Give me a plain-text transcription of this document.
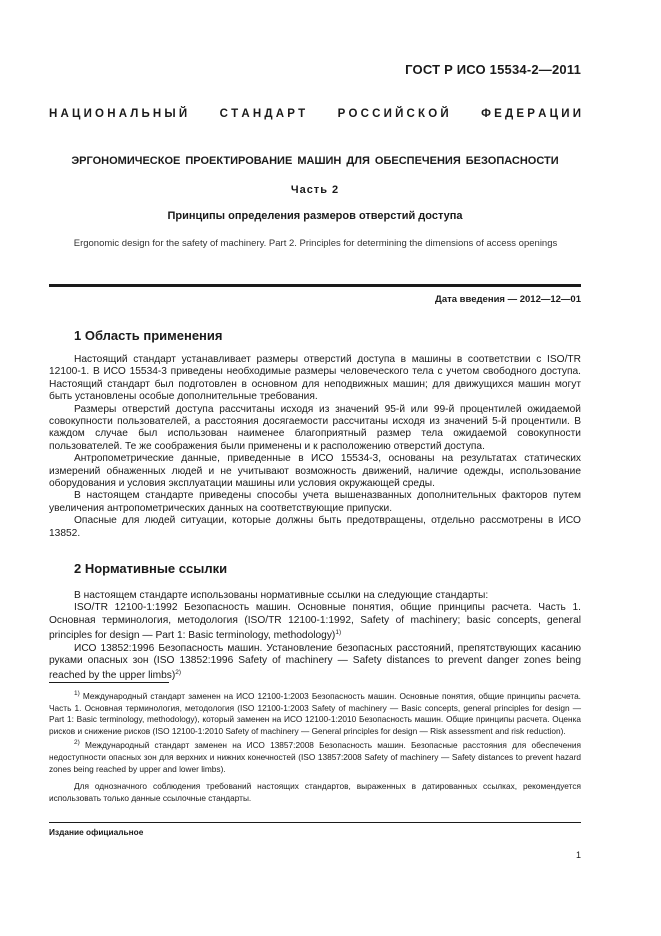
ГОСТ Р ИСО 15534-2—2011
Н А Ц И О Н А Л Ь Н Ы Й	С Т А Н Д А Р Т	Р О С С И Й С К О Й	Ф Е Д Е Р А Ц И И
ЭРГОНОМИЧЕСКОЕ ПРОЕКТИРОВАНИЕ МАШИН ДЛЯ ОБЕСПЕЧЕНИЯ БЕЗОПАСНОСТИ
Часть 2
Принципы определения размеров отверстий доступа
Ergonomic design for the safety of machinery. Part 2. Principles for determining the dimensions of access openings
Дата введения — 2012—12—01
1 Область применения

Настоящий стандарт устанавливает размеры отверстий доступа в машины в соответствии с ISO/TR 12100-1. В ИСО 15534-3 приведены необходимые размеры человеческого тела с учетом свободного доступа. Настоящий стандарт был подготовлен в основном для неподвижных машин; для движущихся машин могут быть установлены особые дополнительные требования.

Размеры отверстий доступа рассчитаны исходя из значений 95-й или 99-й процентилей ожидаемой совокупности пользователей, а расстояния досягаемости рассчитаны исходя из значений 5-й процентили. В каждом случае был использован наименее благоприятный размер тела ожидаемой совокупности пользователей. Те же соображения были применены и к расположению отверстий доступа.

Антропометрические данные, приведенные в ИСО 15534-3, основаны на результатах статических измерений обнаженных людей и не учитывают возможность движений, наличие одежды, использование оборудования и условия эксплуатации машины или условия окружающей среды.

В настоящем стандарте приведены способы учета вышеназванных дополнительных факторов путем увеличения антропометрических данных на соответствующие припуски.

Опасные для людей ситуации, которые должны быть предотвращены, отдельно рассмотрены в ИСО 13852.

2 Нормативные ссылки

В настоящем стандарте использованы нормативные ссылки на следующие стандарты:

ISO/TR 12100-1:1992 Безопасность машин. Основные понятия, общие принципы расчета. Часть 1. Основная терминология, методология (ISO/TR 12100-1:1992, Safety of machinery; basic concepts, general principles for design — Part 1: Basic terminology, methodology)$^{1)}$

ИСО 13852:1996 Безопасность машин. Установление безопасных расстояний, препятствующих касанию руками опасных зон (ISO 13852:1996 Safety of machinery — Safety distances to prevent danger zones being reached by the upper limbs)$^{2)}$

$^{1)}$ Международный стандарт заменен на ИСО 12100-1:2003 Безопасность машин. Основные понятия, общие принципы расчета. Часть 1. Основная терминология, методология (ISO 12100-1:2003 Safety of machinery — Basic concepts, general principles for design — Part 1: Basic terminology, methodology), который заменен на ИСО 12100-1:2010 Безопасность машин. Общие принципы расчета. Оценка рисков и снижение рисков (ISO 12100-1:2010 Safety of machinery — General principles for design — Risk assessment and risk reduction).

$^{2)}$ Международный стандарт заменен на ИСО 13857:2008 Безопасность машин. Безопасные расстояния для обеспечения недоступности опасных зон для верхних и нижних конечностей (ISO 13857:2008 Safety of machinery — Safety distances to prevent hazard zones being reached by upper and lower limbs).

Для однозначного соблюдения требований настоящих стандартов, выраженных в датированных ссылках, рекомендуется использовать только данные ссылочные стандарты.

Издание официальное
1
